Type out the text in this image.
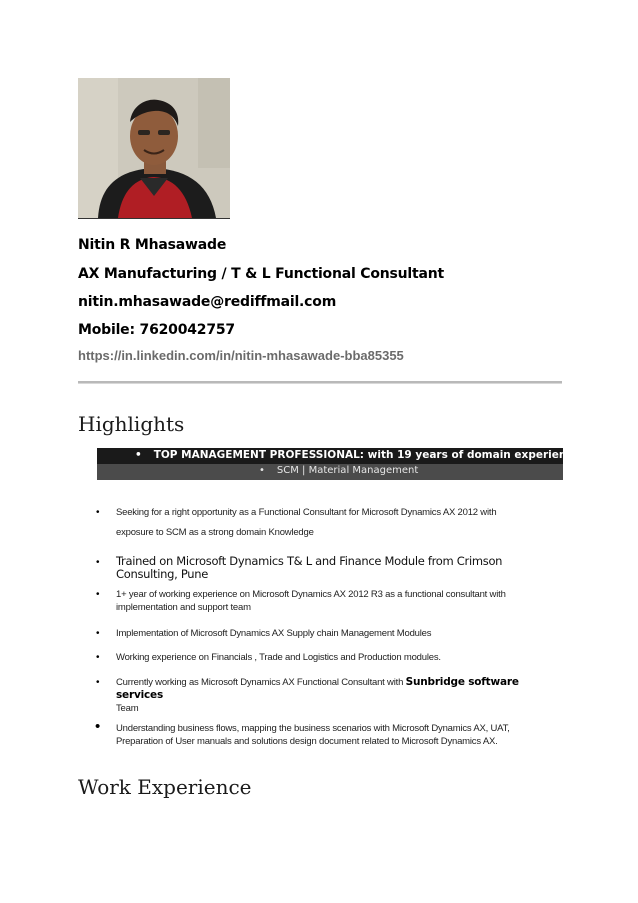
Nitin R Mhasawade
AX Manufacturing / T & L Functional Consultant
nitin.mhasawade@rediffmail.com
Mobile: 7620042757
https://in.linkedin.com/in/nitin-mhasawade-bba85355
Highlights
• TOP MANAGEMENT PROFESSIONAL: with 19 years of domain experience
• SCM | Material Management
• Seeking for a right opportunity as a Functional Consultant for Microsoft Dynamics AX 2012 with
exposure to SCM as a strong domain Knowledge
• Trained on Microsoft Dynamics T& L and Finance Module from Crimson Consulting, Pune
• 1+ year of working experience on Microsoft Dynamics AX 2012 R3 as a functional consultant with
implementation and support team
• Implementation of Microsoft Dynamics AX Supply chain Management Modules
• Working experience on Financials , Trade and Logistics and Production modules.
• Currently working as Microsoft Dynamics AX Functional Consultant with Sunbridge software services
Team
• Understanding business flows, mapping the business scenarios with Microsoft Dynamics AX, UAT,
Preparation of User manuals and solutions design document related to Microsoft Dynamics AX.
Work Experience
